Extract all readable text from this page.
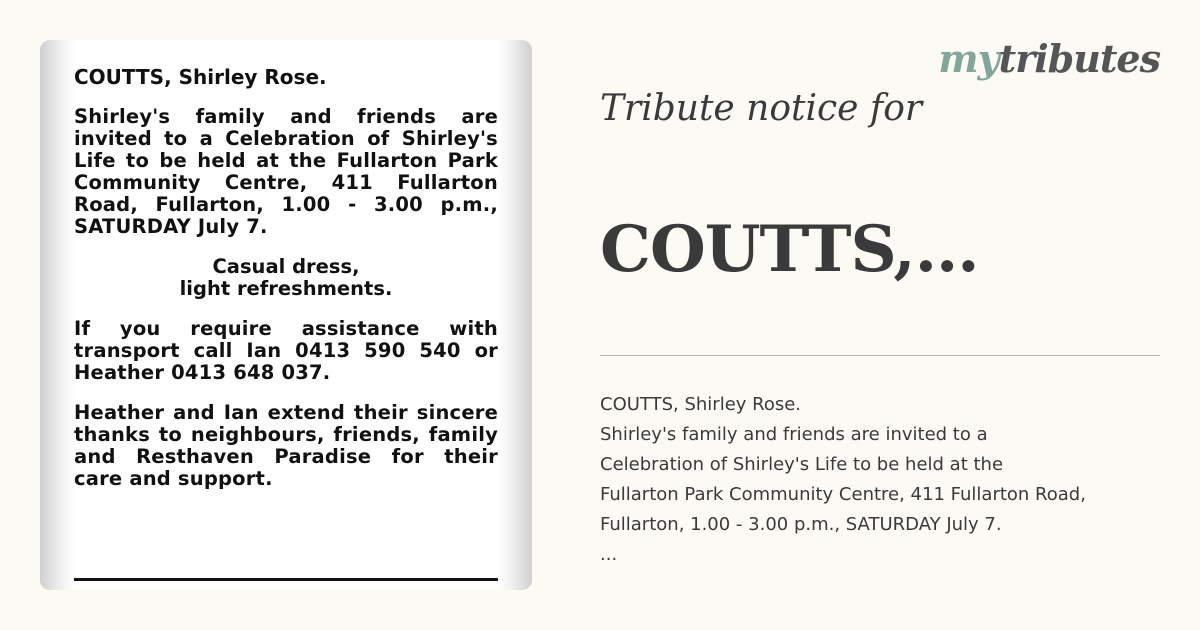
COUTTS, Shirley Rose.
Shirley's family and friends are invited to a Celebration of Shirley's Life to be held at the Fullarton Park Community Centre, 411 Fullarton Road, Fullarton, 1.00 - 3.00 p.m., SATURDAY July 7.
Casual dress,
light refreshments.
If you require assistance with transport call Ian 0413 590 540 or Heather 0413 648 037.
Heather and Ian extend their sincere thanks to neighbours, friends, family and Resthaven Paradise for their care and support.
mytributes
Tribute notice for
COUTTS,...
COUTTS, Shirley Rose.
Shirley's family and friends are invited to a
Celebration of Shirley's Life to be held at the
Fullarton Park Community Centre, 411 Fullarton Road,
Fullarton, 1.00 - 3.00 p.m., SATURDAY July 7.
...
